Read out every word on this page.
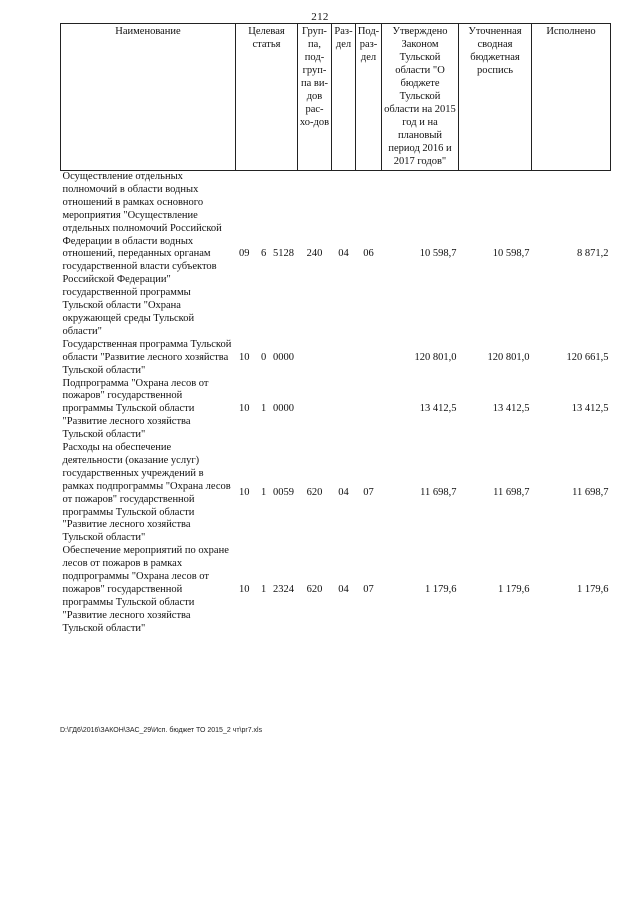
212
Наименование	Целевая статья	Груп-па, под-груп-па ви-дов рас-хо-дов	Раз-дел	Под-раз-дел	Утверждено Законом Тульской области "О бюджете Тульской области на 2015 год и на плановый период 2016 и 2017 годов"	Уточненная сводная бюджетная роспись	Исполнено
Осуществление отдельных полномочий в области водных отношений в рамках основного мероприятия "Осуществление отдельных полномочий Российской Федерации в области водных отношений, переданных органам государственной власти субъектов Российской Федерации" государственной программы Тульской области "Охрана окружающей среды Тульской области"	09 6 5128	240	04	06	10 598,7	10 598,7	8 871,2
Государственная программа Тульской области "Развитие лесного хозяйства Тульской области"	10 0 0000				120 801,0	120 801,0	120 661,5
Подпрограмма "Охрана лесов от пожаров" государственной программы Тульской области "Развитие лесного хозяйства Тульской области"	10 1 0000				13 412,5	13 412,5	13 412,5
Расходы на обеспечение деятельности (оказание услуг) государственных учреждений в рамках подпрограммы "Охрана лесов от пожаров" государственной программы Тульской области "Развитие лесного хозяйства Тульской области"	10 1 0059	620	04	07	11 698,7	11 698,7	11 698,7
Обеспечение мероприятий по охране лесов от пожаров в рамках подпрограммы "Охрана лесов от пожаров" государственной программы Тульской области "Развитие лесного хозяйства Тульской области"	10 1 2324	620	04	07	1 179,6	1 179,6	1 179,6
D:\ГД6\2016\ЗАКОН\ЗАС_29\Исп. бюджет ТО 2015_2 чт\pr7.xls
